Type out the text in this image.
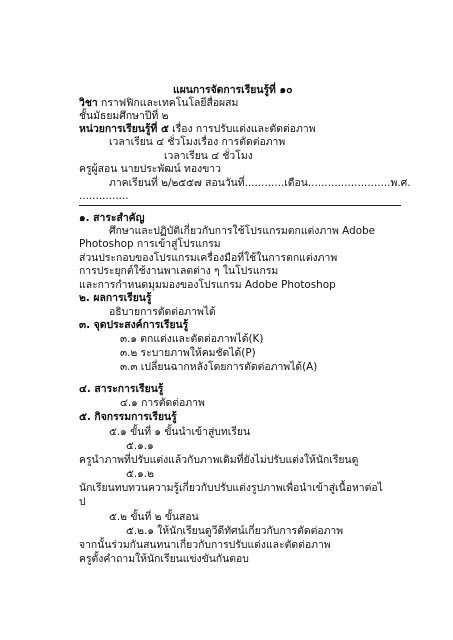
แผนการจัดการเรียนรู้ที่ ๑๐
วิชา กราฟฟิกและเทคโนโลยีสื่อผสม
ชั้นมัธยมศึกษาปีที่ ๒
หน่วยการเรียนรู้ที่ ๕ เรื่อง การปรับแต่งและตัดต่อภาพ
เวลาเรียน ๔ ชั่วโมงเรื่อง การตัดต่อภาพ
เวลาเรียน ๔ ชั่วโมง
ครูผู้สอน นายประพัฒน์ ทองขาว
ภาคเรียนที่ ๒/๒๕๕๗ สอนวันที่............เดือน.........................พ.ศ.
...............
๑. สาระสำคัญ
ศึกษาและปฏิบัติเกี่ยวกับการใช้โปรแกรมตกแต่งภาพ Adobe
Photoshop การเข้าสู่โปรแกรม
ส่วนประกอบของโปรแกรมเครื่องมือที่ใช้ในการตกแต่งภาพ
การประยุกต์ใช้งานพาเลตต่าง ๆ ในโปรแกรม
และการกำหนดมุมมองของโปรแกรม Adobe Photoshop
๒. ผลการเรียนรู้
อธิบายการตัดต่อภาพได้
๓. จุดประสงค์การเรียนรู้
๓.๑ ตกแต่งและตัดต่อภาพได้(K)
๓.๒ ระบายภาพให้คมชัดได้(P)
๓.๓ เปลี่ยนฉากหลังโดยการตัดต่อภาพได้(A)
๔. สาระการเรียนรู้
๔.๑ การตัดต่อภาพ
๕. กิจกรรมการเรียนรู้
๕.๑ ขั้นที่ ๑ ขั้นนำเข้าสู่บทเรียน
๕.๑.๑
ครูนำภาพที่ปรับแต่งแล้วกับภาพเดิมที่ยังไม่ปรับแต่งให้นักเรียนดู
๕.๑.๒
นักเรียนทบทวนความรู้เกี่ยวกับปรับแต่งรูปภาพเพื่อนำเข้าสู่เนื้อหาต่อไ
ป
๕.๒ ขั้นที่ ๒ ขั้นสอน
๕.๒.๑ ให้นักเรียนดูวีดีทัศน์เกี่ยวกับการตัดต่อภาพ
จากนั้นร่วมกันสนทนาเกี่ยวกับการปรับแต่งและตัดต่อภาพ
ครูตั้งคำถามให้นักเรียนแข่งขันกันตอบ
